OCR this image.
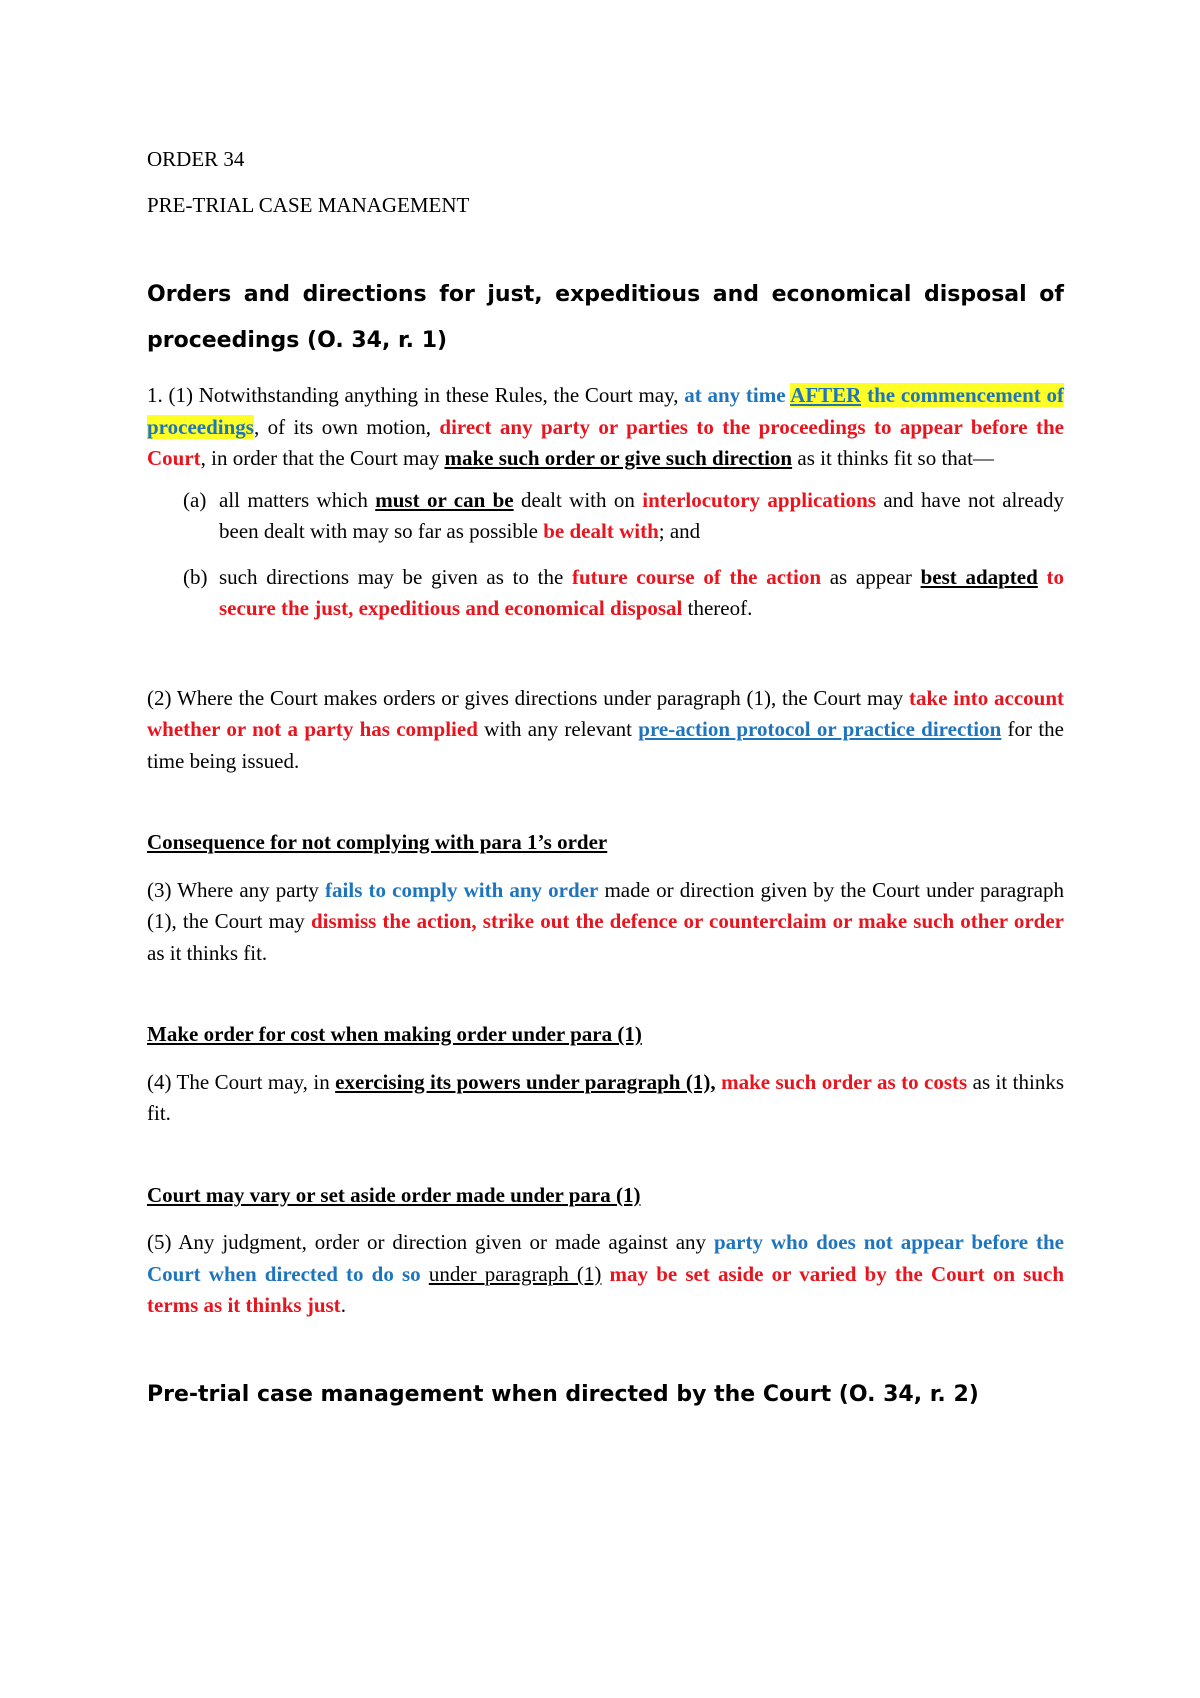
ORDER 34

PRE-TRIAL CASE MANAGEMENT

Orders and directions for just, expeditious and economical disposal of proceedings (O. 34, r. 1)

1. (1) Notwithstanding anything in these Rules, the Court may, at any time AFTER the commencement of proceedings, of its own motion, direct any party or parties to the proceedings to appear before the Court, in order that the Court may make such order or give such direction as it thinks fit so that—

(a) all matters which must or can be dealt with on interlocutory applications and have not already been dealt with may so far as possible be dealt with; and
(b) such directions may be given as to the future course of the action as appear best adapted to secure the just, expeditious and economical disposal thereof.

(2) Where the Court makes orders or gives directions under paragraph (1), the Court may take into account whether or not a party has complied with any relevant pre-action protocol or practice direction for the time being issued.

Consequence for not complying with para 1’s order

(3) Where any party fails to comply with any order made or direction given by the Court under paragraph (1), the Court may dismiss the action, strike out the defence or counterclaim or make such other order as it thinks fit.

Make order for cost when making order under para (1)

(4) The Court may, in exercising its powers under paragraph (1), make such order as to costs as it thinks fit.

Court may vary or set aside order made under para (1)

(5) Any judgment, order or direction given or made against any party who does not appear before the Court when directed to do so under paragraph (1) may be set aside or varied by the Court on such terms as it thinks just.

Pre-trial case management when directed by the Court (O. 34, r. 2)
